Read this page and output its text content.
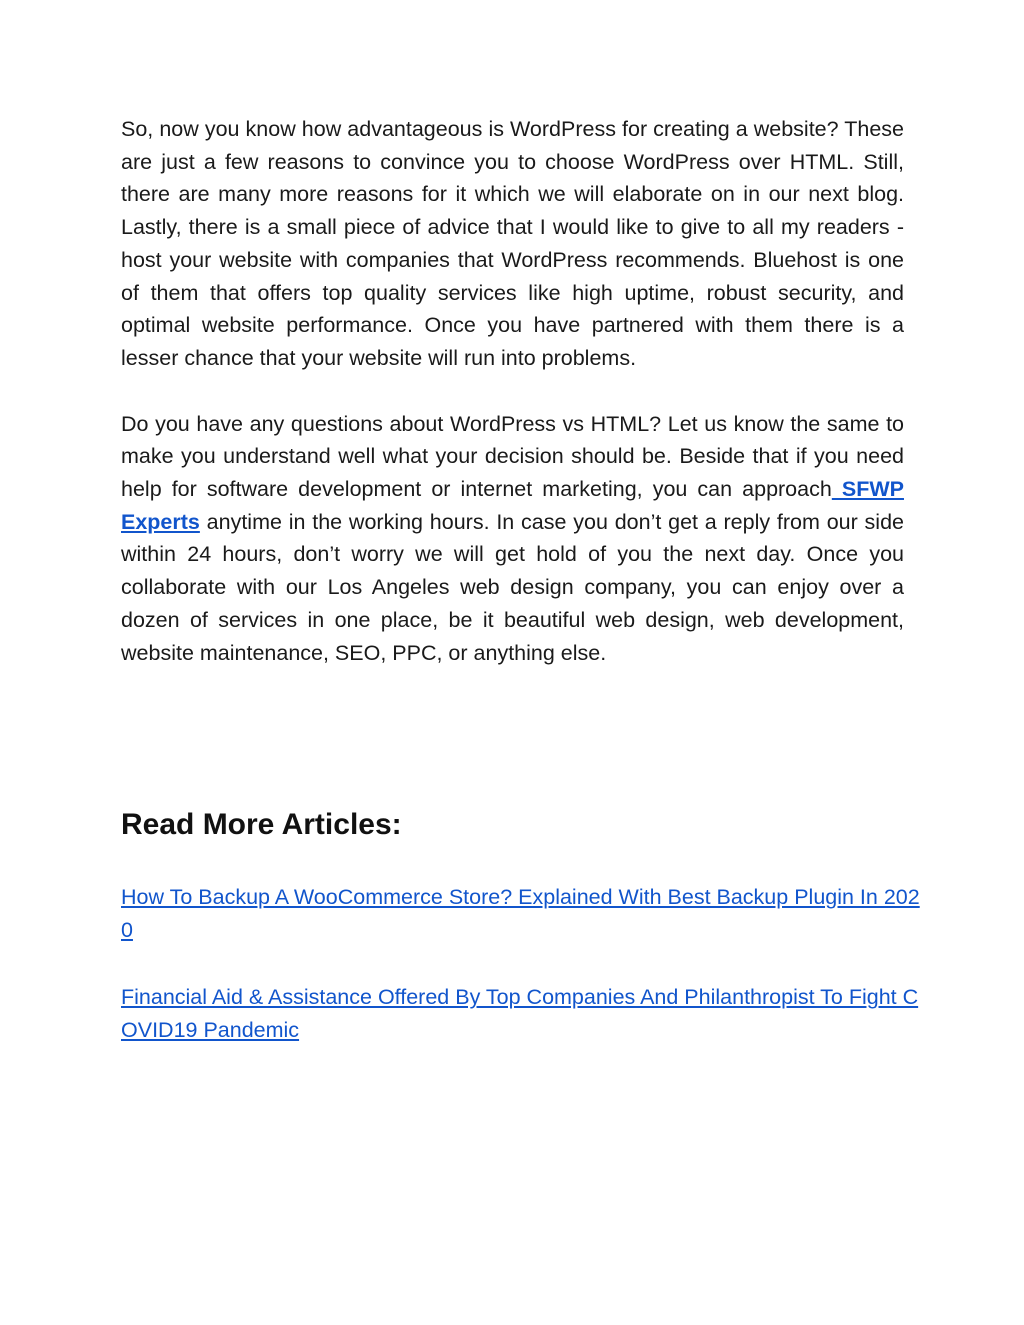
So, now you know how advantageous is WordPress for creating a website? These are just a few reasons to convince you to choose WordPress over HTML. Still, there are many more reasons for it which we will elaborate on in our next blog. Lastly, there is a small piece of advice that I would like to give to all my readers - host your website with companies that WordPress recommends. Bluehost is one of them that offers top quality services like high uptime, robust security, and optimal website performance. Once you have partnered with them there is a lesser chance that your website will run into problems.

Do you have any questions about WordPress vs HTML? Let us know the same to make you understand well what your decision should be. Beside that if you need help for software development or internet marketing, you can approach SFWP Experts anytime in the working hours. In case you don’t get a reply from our side within 24 hours, don’t worry we will get hold of you the next day. Once you collaborate with our Los Angeles web design company, you can enjoy over a dozen of services in one place, be it beautiful web design, web development, website maintenance, SEO, PPC, or anything else.

Read More Articles:
How To Backup A WooCommerce Store? Explained With Best Backup Plugin In 2020
Financial Aid & Assistance Offered By Top Companies And Philanthropist To Fight COVID19 Pandemic
